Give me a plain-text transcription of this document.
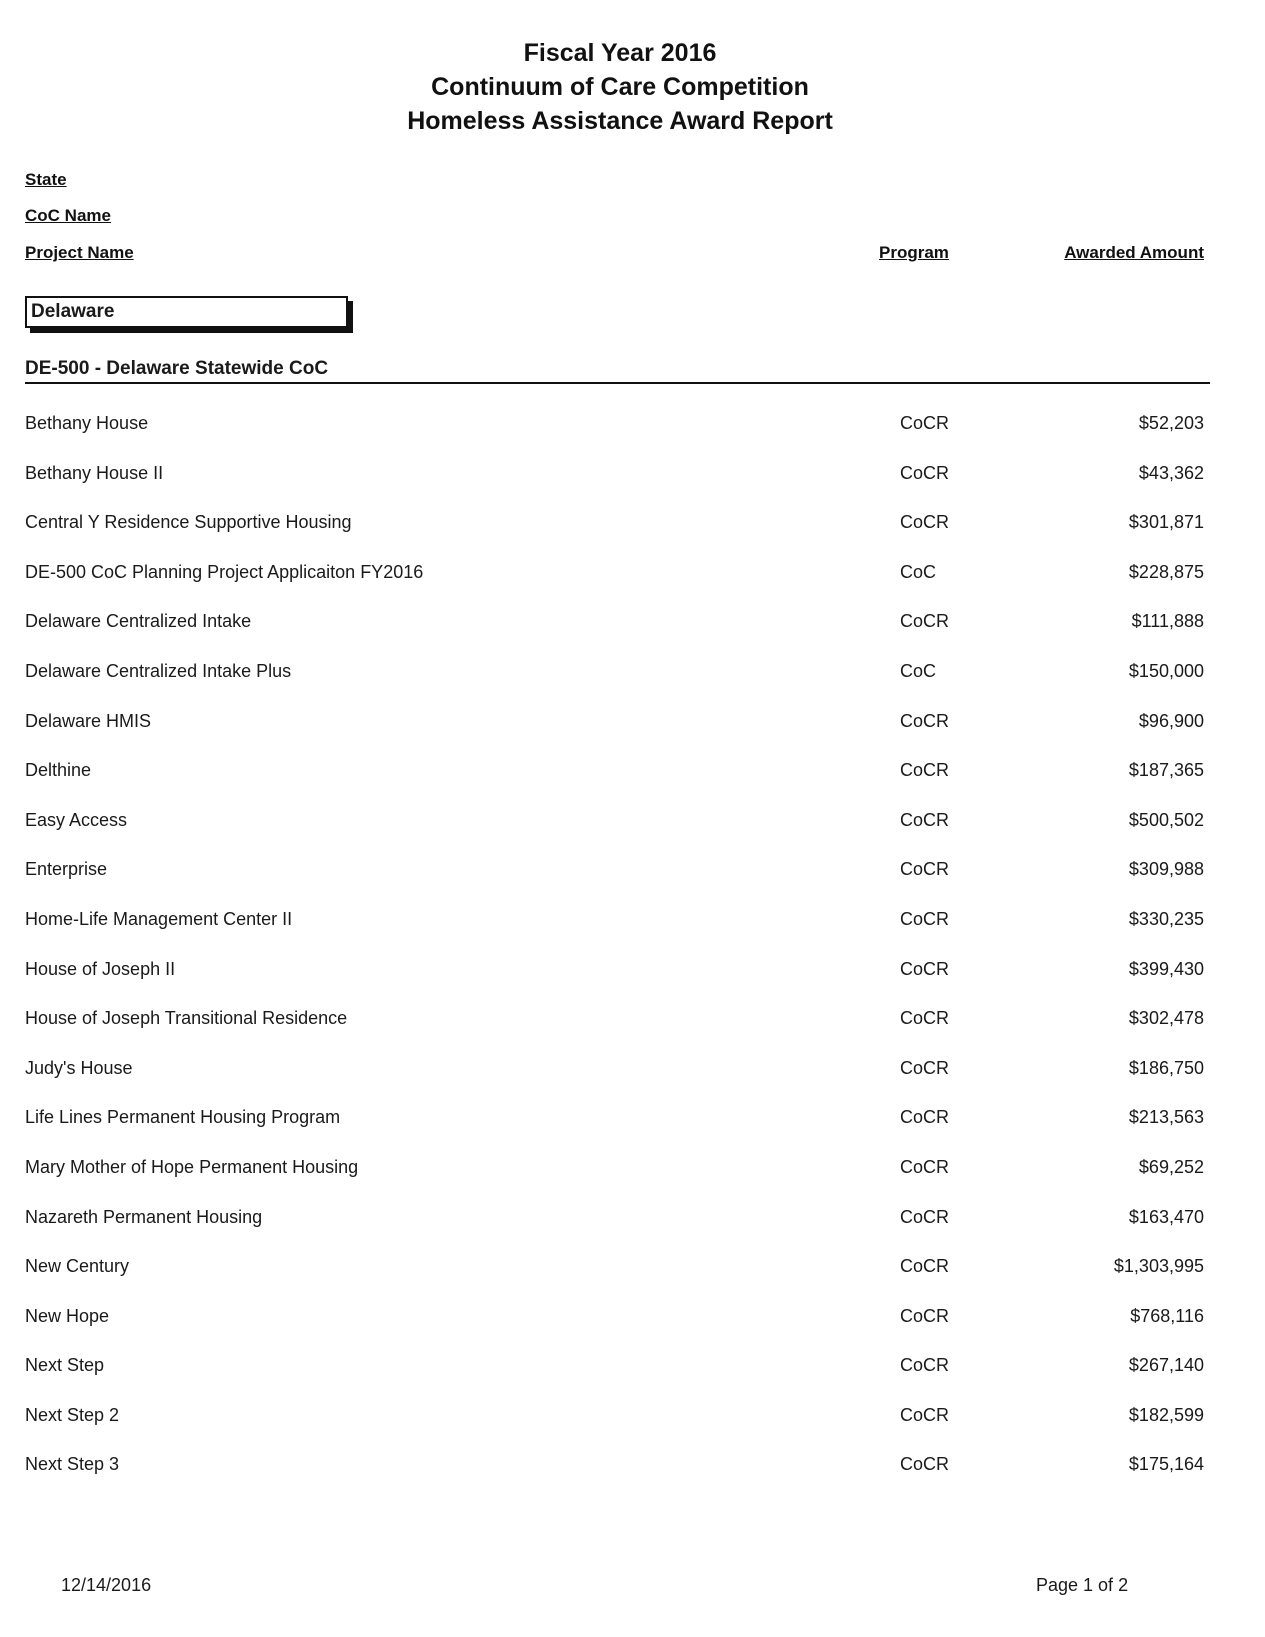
Fiscal Year 2016
Continuum of Care Competition
Homeless Assistance Award Report
State
CoC Name
Project Name	Program	Awarded Amount
Delaware
DE-500 - Delaware Statewide CoC
Bethany House	CoCR	$52,203
Bethany House II	CoCR	$43,362
Central Y Residence Supportive Housing	CoCR	$301,871
DE-500 CoC Planning Project Applicaiton FY2016	CoC	$228,875
Delaware Centralized Intake	CoCR	$111,888
Delaware Centralized Intake Plus	CoC	$150,000
Delaware HMIS	CoCR	$96,900
Delthine	CoCR	$187,365
Easy Access	CoCR	$500,502
Enterprise	CoCR	$309,988
Home-Life Management Center II	CoCR	$330,235
House of Joseph II	CoCR	$399,430
House of Joseph Transitional Residence	CoCR	$302,478
Judy's House	CoCR	$186,750
Life Lines Permanent Housing Program	CoCR	$213,563
Mary Mother of Hope Permanent Housing	CoCR	$69,252
Nazareth Permanent Housing	CoCR	$163,470
New Century	CoCR	$1,303,995
New Hope	CoCR	$768,116
Next Step	CoCR	$267,140
Next Step 2	CoCR	$182,599
Next Step 3	CoCR	$175,164
12/14/2016	Page 1 of 2
